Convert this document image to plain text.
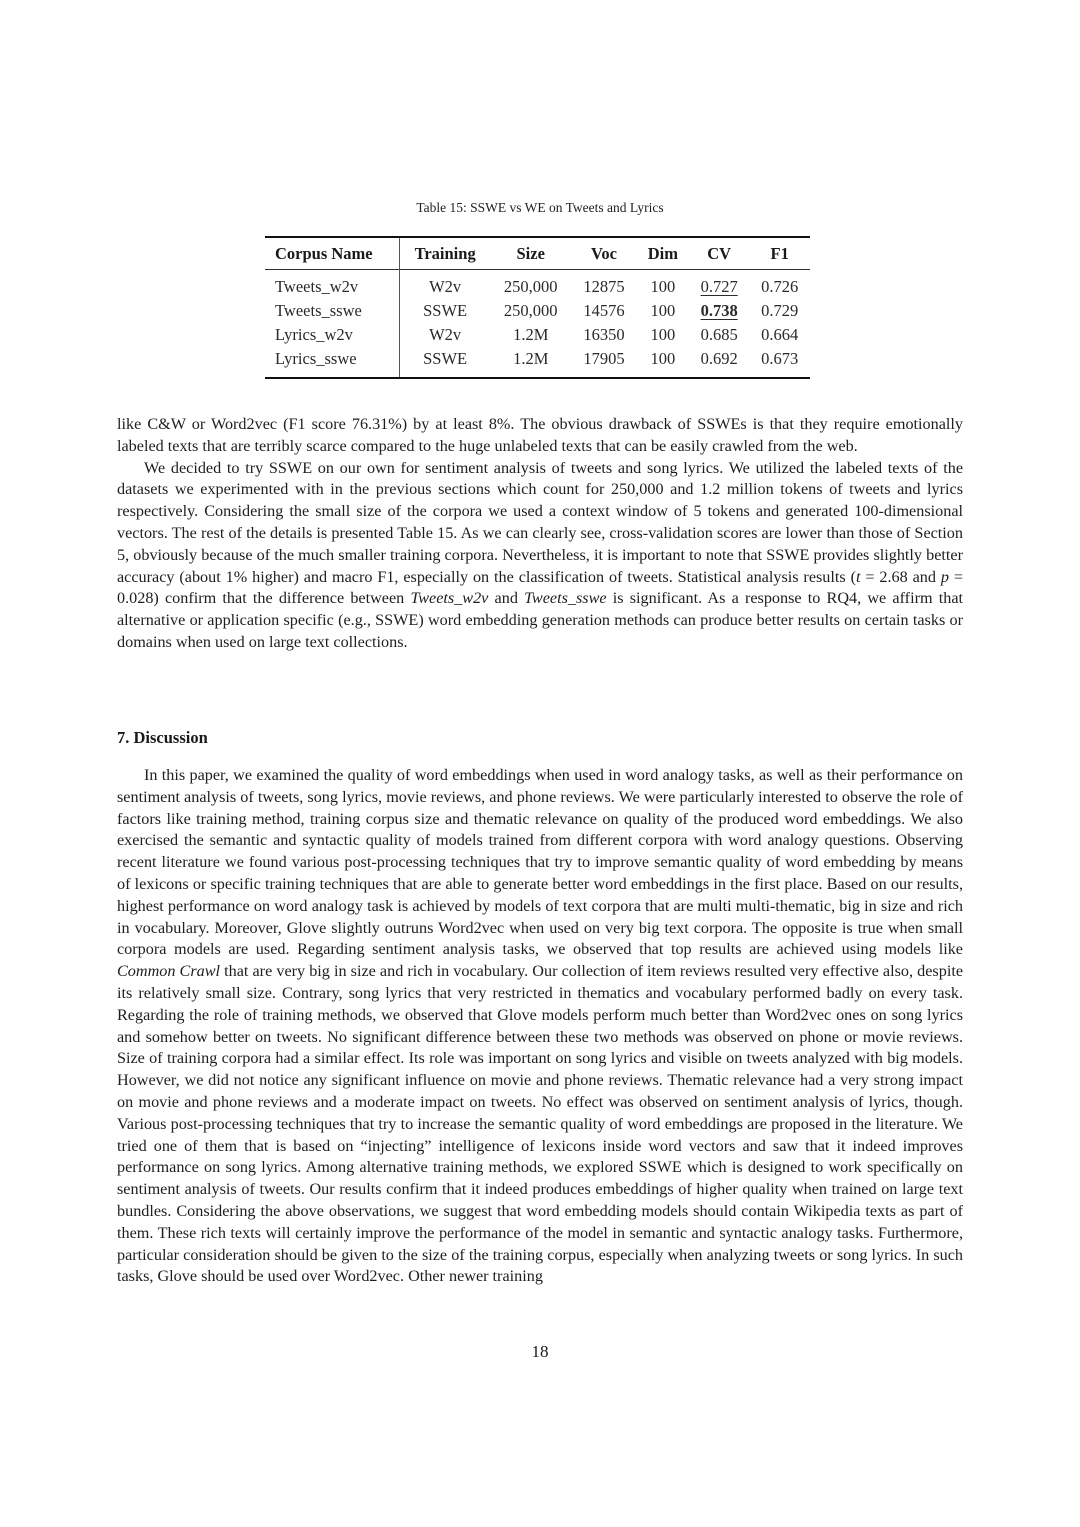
Table 15: SSWE vs WE on Tweets and Lyrics
Corpus Name	Training	Size	Voc	Dim	CV	F1
Tweets_w2v	W2v	250,000	12875	100	0.727	0.726
Tweets_sswe	SSWE	250,000	14576	100	0.738	0.729
Lyrics_w2v	W2v	1.2M	16350	100	0.685	0.664
Lyrics_sswe	SSWE	1.2M	17905	100	0.692	0.673

like C&W or Word2vec (F1 score 76.31%) by at least 8%. The obvious drawback of SSWEs is that they require emotionally labeled texts that are terribly scarce compared to the huge unlabeled texts that can be easily crawled from the web.

We decided to try SSWE on our own for sentiment analysis of tweets and song lyrics. We utilized the labeled texts of the datasets we experimented with in the previous sections which count for 250,000 and 1.2 million tokens of tweets and lyrics respectively. Considering the small size of the corpora we used a context window of 5 tokens and generated 100-dimensional vectors. The rest of the details is presented Table 15. As we can clearly see, cross-validation scores are lower than those of Section 5, obviously because of the much smaller training corpora. Nevertheless, it is important to note that SSWE provides slightly better accuracy (about 1% higher) and macro F1, especially on the classification of tweets. Statistical analysis results (t = 2.68 and p = 0.028) confirm that the difference between Tweets_w2v and Tweets_sswe is significant. As a response to RQ4, we affirm that alternative or application specific (e.g., SSWE) word embedding generation methods can produce better results on certain tasks or domains when used on large text collections.

7. Discussion

In this paper, we examined the quality of word embeddings when used in word analogy tasks, as well as their performance on sentiment analysis of tweets, song lyrics, movie reviews, and phone reviews. We were particularly interested to observe the role of factors like training method, training corpus size and thematic relevance on quality of the produced word embeddings. We also exercised the semantic and syntactic quality of models trained from different corpora with word analogy questions. Observing recent literature we found various post-processing techniques that try to improve semantic quality of word embedding by means of lexicons or specific training techniques that are able to generate better word embeddings in the first place. Based on our results, highest performance on word analogy task is achieved by models of text corpora that are multi multi-thematic, big in size and rich in vocabulary. Moreover, Glove slightly outruns Word2vec when used on very big text corpora. The opposite is true when small corpora models are used. Regarding sentiment analysis tasks, we observed that top results are achieved using models like Common Crawl that are very big in size and rich in vocabulary. Our collection of item reviews resulted very effective also, despite its relatively small size. Contrary, song lyrics that very restricted in thematics and vocabulary performed badly on every task. Regarding the role of training methods, we observed that Glove models perform much better than Word2vec ones on song lyrics and somehow better on tweets. No significant difference between these two methods was observed on phone or movie reviews. Size of training corpora had a similar effect. Its role was important on song lyrics and visible on tweets analyzed with big models. However, we did not notice any significant influence on movie and phone reviews. Thematic relevance had a very strong impact on movie and phone reviews and a moderate impact on tweets. No effect was observed on sentiment analysis of lyrics, though. Various post-processing techniques that try to increase the semantic quality of word embeddings are proposed in the literature. We tried one of them that is based on “injecting” intelligence of lexicons inside word vectors and saw that it indeed improves performance on song lyrics. Among alternative training methods, we explored SSWE which is designed to work specifically on sentiment analysis of tweets. Our results confirm that it indeed produces embeddings of higher quality when trained on large text bundles. Considering the above observations, we suggest that word embedding models should contain Wikipedia texts as part of them. These rich texts will certainly improve the performance of the model in semantic and syntactic analogy tasks. Furthermore, particular consideration should be given to the size of the training corpus, especially when analyzing tweets or song lyrics. In such tasks, Glove should be used over Word2vec. Other newer training

18
